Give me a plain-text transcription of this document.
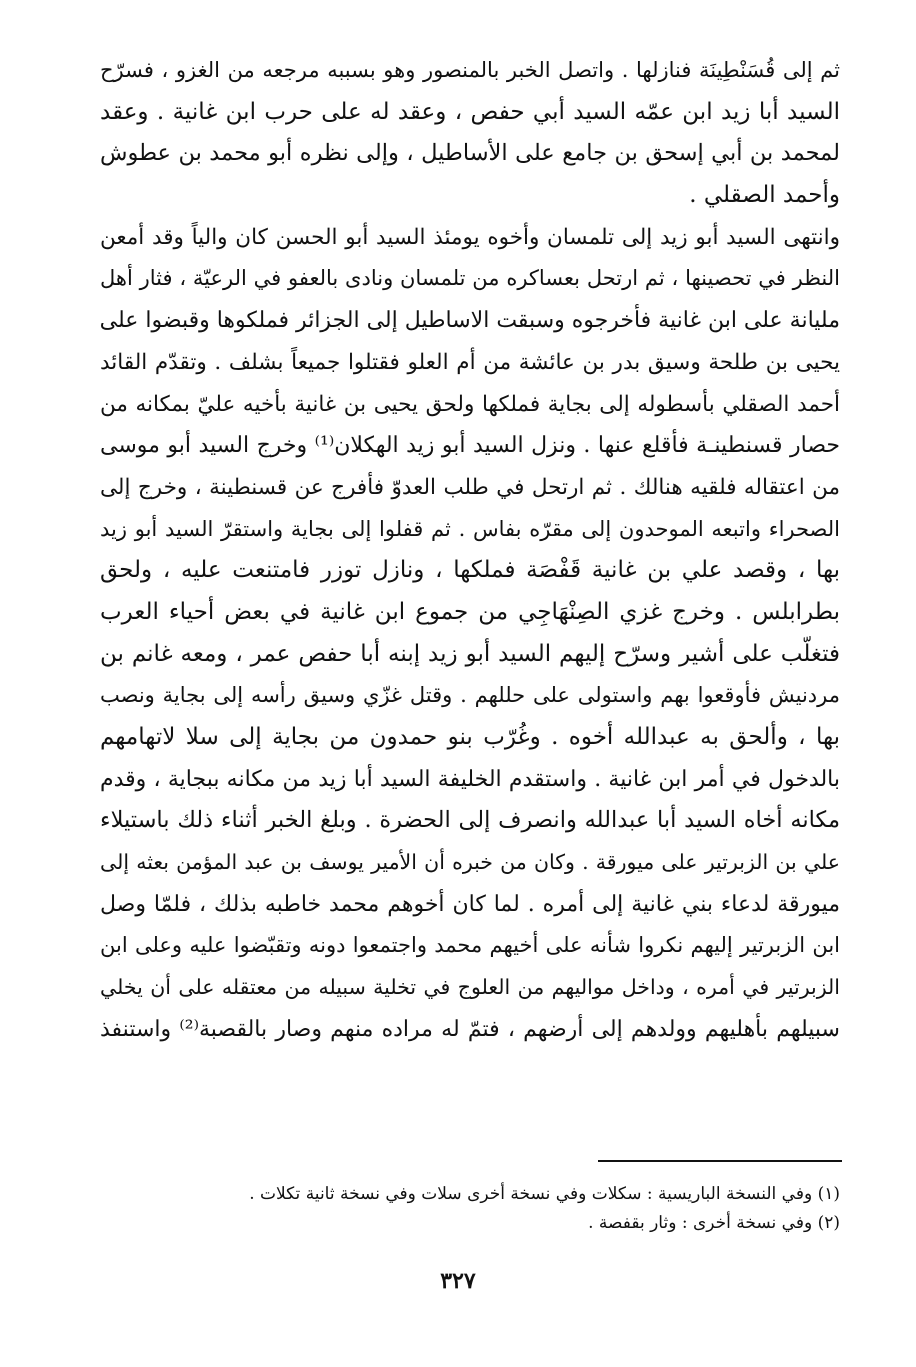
ثم إلى قُسَنْطِينَة فنازلها . واتصل الخبر بالمنصور وهو بسببه مرجعه من الغزو ، فسرّح
السيد أبا زيد ابن عمّه السيد أبي حفص ، وعقد له على حرب ابن غانية . وعقد
لمحمد بن أبي إسحق بن جامع على الأساطيل ، وإلى نظره أبو محمد بن عطوش
وأحمد الصقلي .
وانتهى السيد أبو زيد إلى تلمسان وأخوه يومئذ السيد أبو الحسن كان والياً وقد أمعن
النظر في تحصينها ، ثم ارتحل بعساكره من تلمسان ونادى بالعفو في الرعيّة ، فثار أهل
مليانة على ابن غانية فأخرجوه وسبقت الاساطيل إلى الجزائر فملكوها وقبضوا على
يحيى بن طلحة وسيق بدر بن عائشة من أم العلو فقتلوا جميعاً بشلف . وتقدّم القائد
أحمد الصقلي بأسطوله إلى بجاية فملكها ولحق يحيى بن غانية بأخيه عليّ بمكانه من
حصار قسنطينـة فأقلع عنها . ونزل السيد أبو زيد الهكلان⁽¹⁾ وخرج السيد أبو موسى
من اعتقاله فلقيه هنالك . ثم ارتحل في طلب العدوّ فأفرج عن قسنطينة ، وخرج إلى
الصحراء واتبعه الموحدون إلى مقرّه بفاس . ثم قفلوا إلى بجاية واستقرّ السيد أبو زيد
بها ، وقصد علي بن غانية قَفْصَة فملكها ، ونازل توزر فامتنعت عليه ، ولحق
بطرابلس . وخرج غزي الصِنْهَاجِي من جموع ابن غانية في بعض أحياء العرب
فتغلّب على أشير وسرّح إليهم السيد أبو زيد إبنه أبا حفص عمر ، ومعه غانم بن
مردنيش فأوقعوا بهم واستولى على حللهم . وقتل غزّي وسيق رأسه إلى بجاية ونصب
بها ، وألحق به عبدالله أخوه . وغُرّب بنو حمدون من بجاية إلى سلا لاتهامهم
بالدخول في أمر ابن غانية . واستقدم الخليفة السيد أبا زيد من مكانه ببجاية ، وقدم
مكانه أخاه السيد أبا عبدالله وانصرف إلى الحضرة . وبلغ الخبر أثناء ذلك باستيلاء
علي بن الزبرتير على ميورقة . وكان من خبره أن الأمير يوسف بن عبد المؤمن بعثه إلى
ميورقة لدعاء بني غانية إلى أمره . لما كان أخوهم محمد خاطبه بذلك ، فلمّا وصل
ابن الزبرتير إليهم نكروا شأنه على أخيهم محمد واجتمعوا دونه وتقبّضوا عليه وعلى ابن
الزبرتير في أمره ، وداخل مواليهم من العلوج في تخلية سبيله من معتقله على أن يخلي
سبيلهم بأهليهم وولدهم إلى أرضهم ، فتمّ له مراده منهم وصار بالقصبة⁽²⁾ واستنفذ
(١) وفي النسخة الباريسية : سكلات وفي نسخة أخرى سلات وفي نسخة ثانية تكلات .
(٢) وفي نسخة أخرى : وثار بقفصة .
٣٢٧
